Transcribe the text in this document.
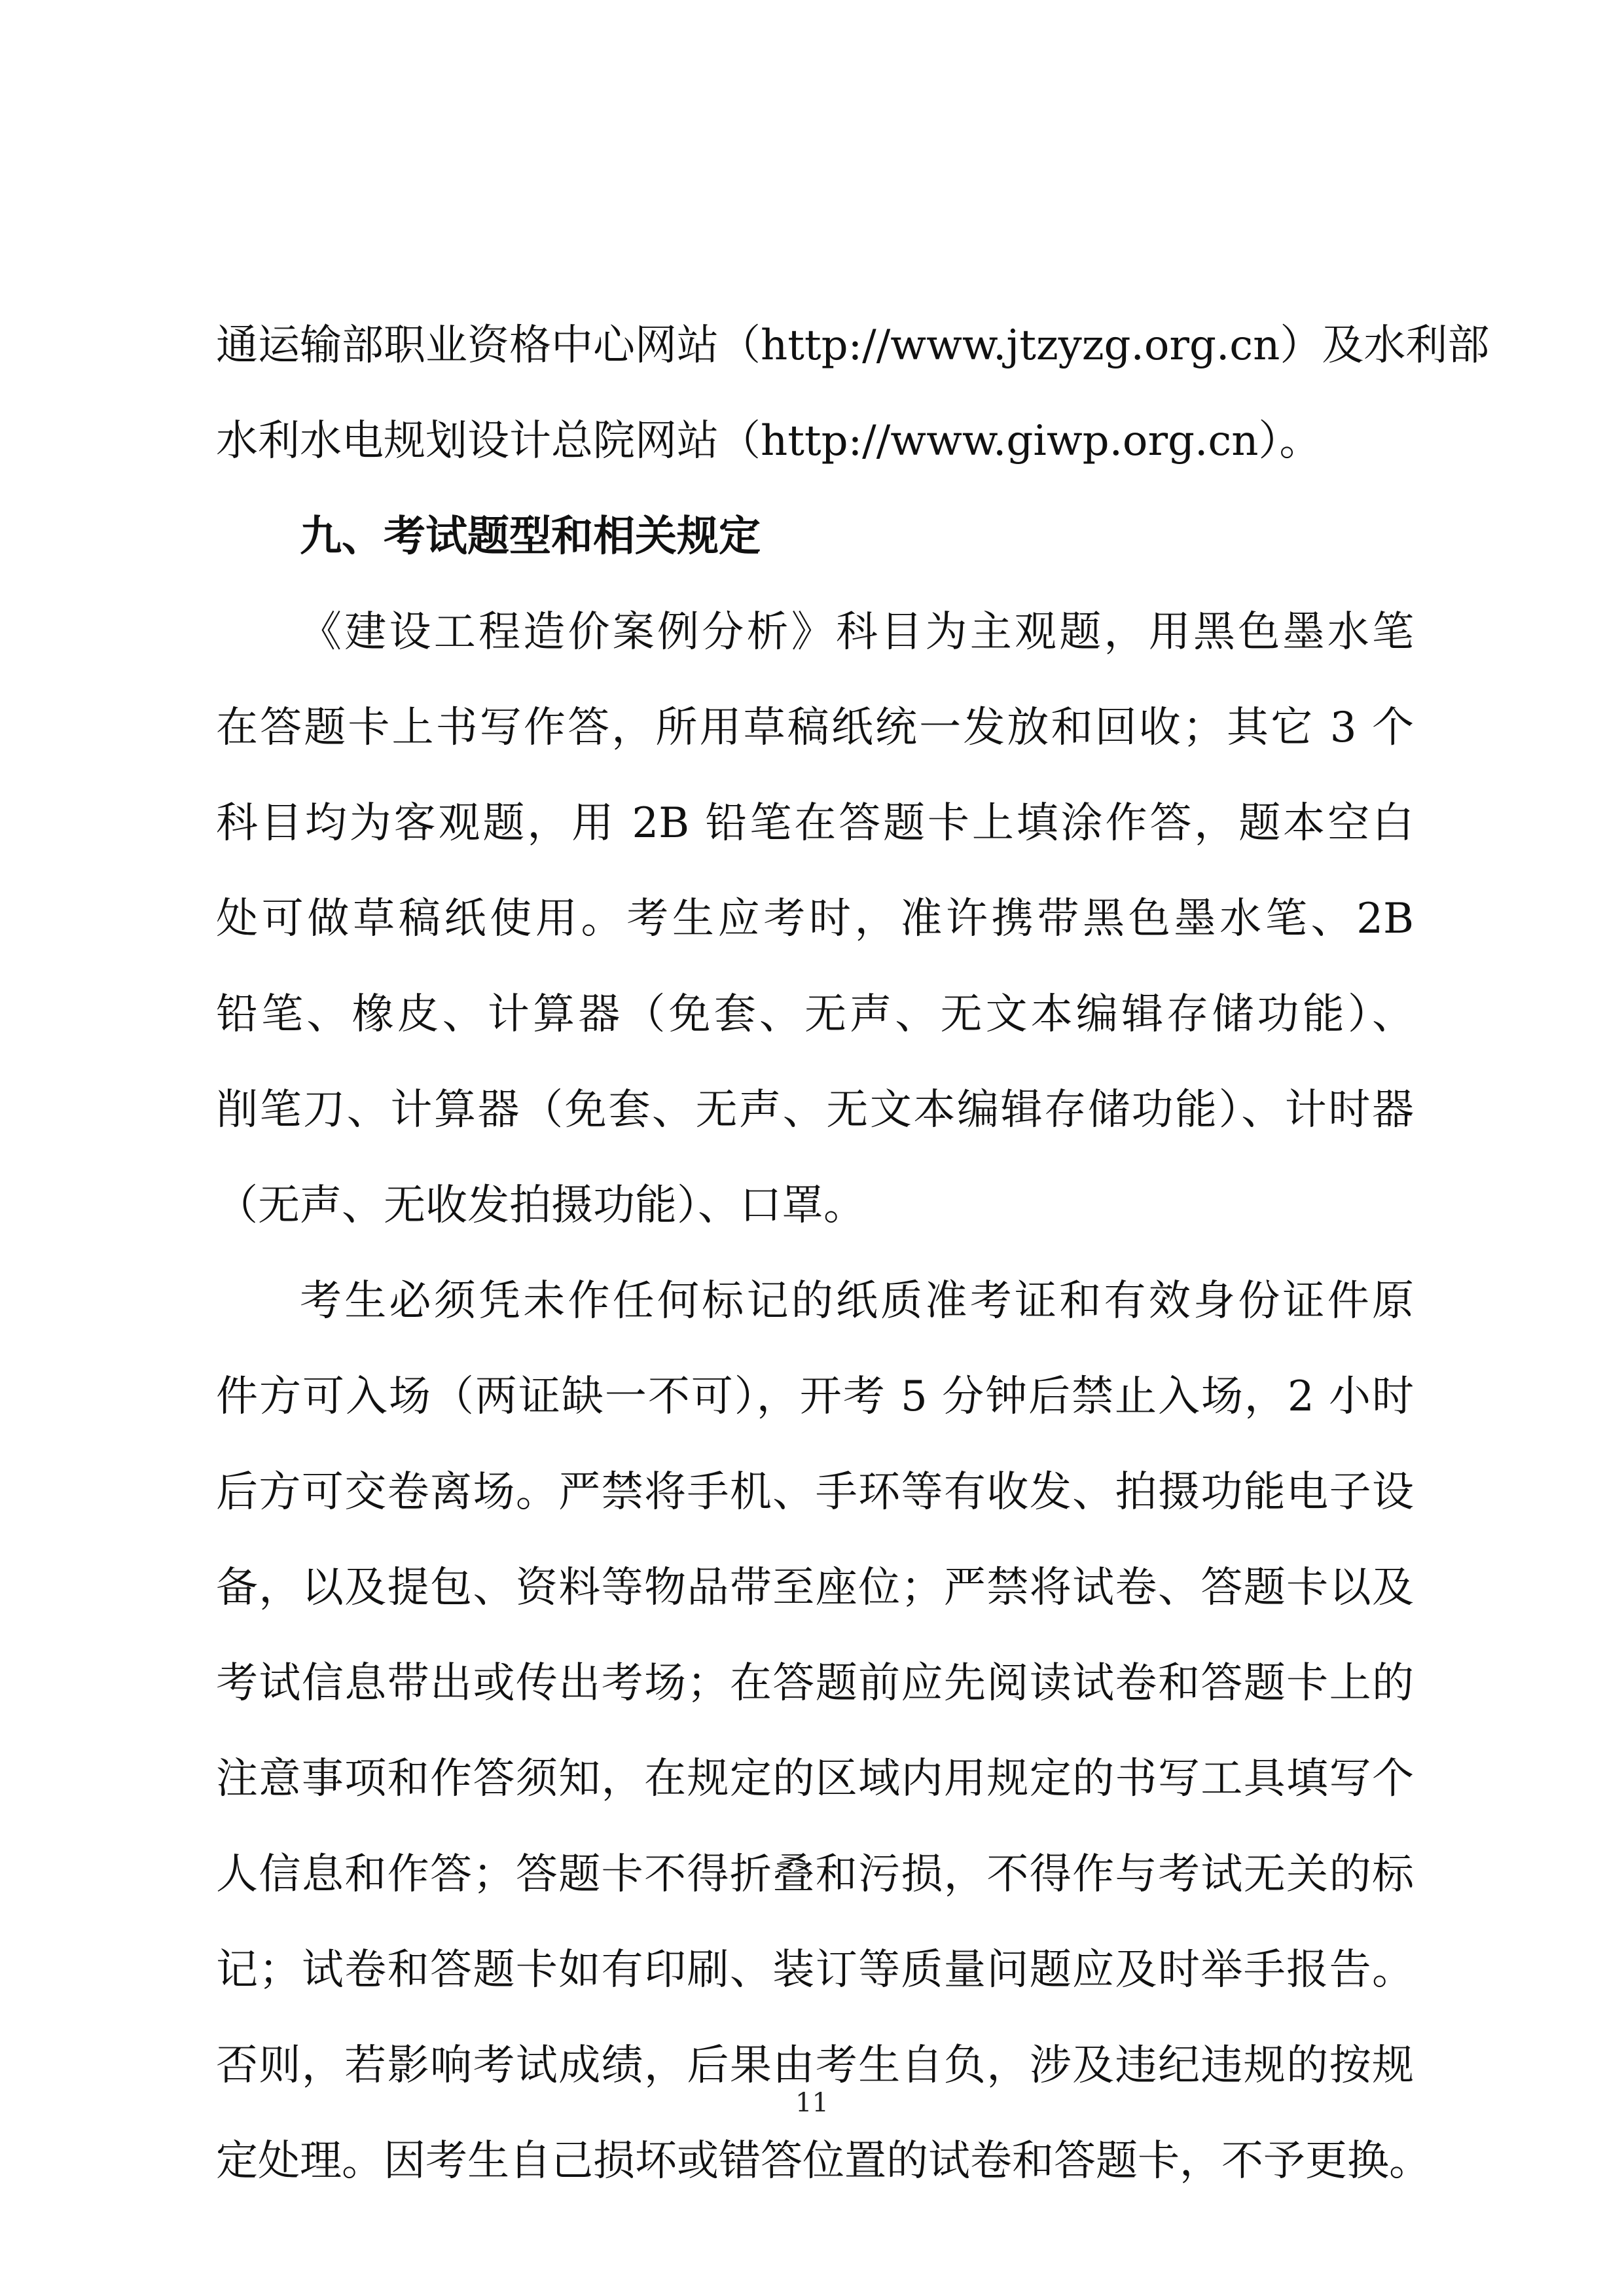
通运输部职业资格中心网站（http://www.jtzyzg.org.cn）及水利部
水利水电规划设计总院网站（http://www.giwp.org.cn）。
九、考试题型和相关规定
《建设工程造价案例分析》科目为主观题，用黑色墨水笔
在答题卡上书写作答，所用草稿纸统一发放和回收；其它 3 个
科目均为客观题，用 2B 铅笔在答题卡上填涂作答，题本空白
处可做草稿纸使用。考生应考时，准许携带黑色墨水笔、2B
铅笔、橡皮、计算器（免套、无声、无文本编辑存储功能）、
削笔刀、计算器（免套、无声、无文本编辑存储功能）、计时器
（无声、无收发拍摄功能）、口罩。
考生必须凭未作任何标记的纸质准考证和有效身份证件原
件方可入场（两证缺一不可），开考 5 分钟后禁止入场，2 小时
后方可交卷离场。严禁将手机、手环等有收发、拍摄功能电子设
备，以及提包、资料等物品带至座位；严禁将试卷、答题卡以及
考试信息带出或传出考场；在答题前应先阅读试卷和答题卡上的
注意事项和作答须知，在规定的区域内用规定的书写工具填写个
人信息和作答；答题卡不得折叠和污损，不得作与考试无关的标
记；试卷和答题卡如有印刷、装订等质量问题应及时举手报告。
否则，若影响考试成绩，后果由考生自负，涉及违纪违规的按规
定处理。因考生自己损坏或错答位置的试卷和答题卡，不予更换。
11
